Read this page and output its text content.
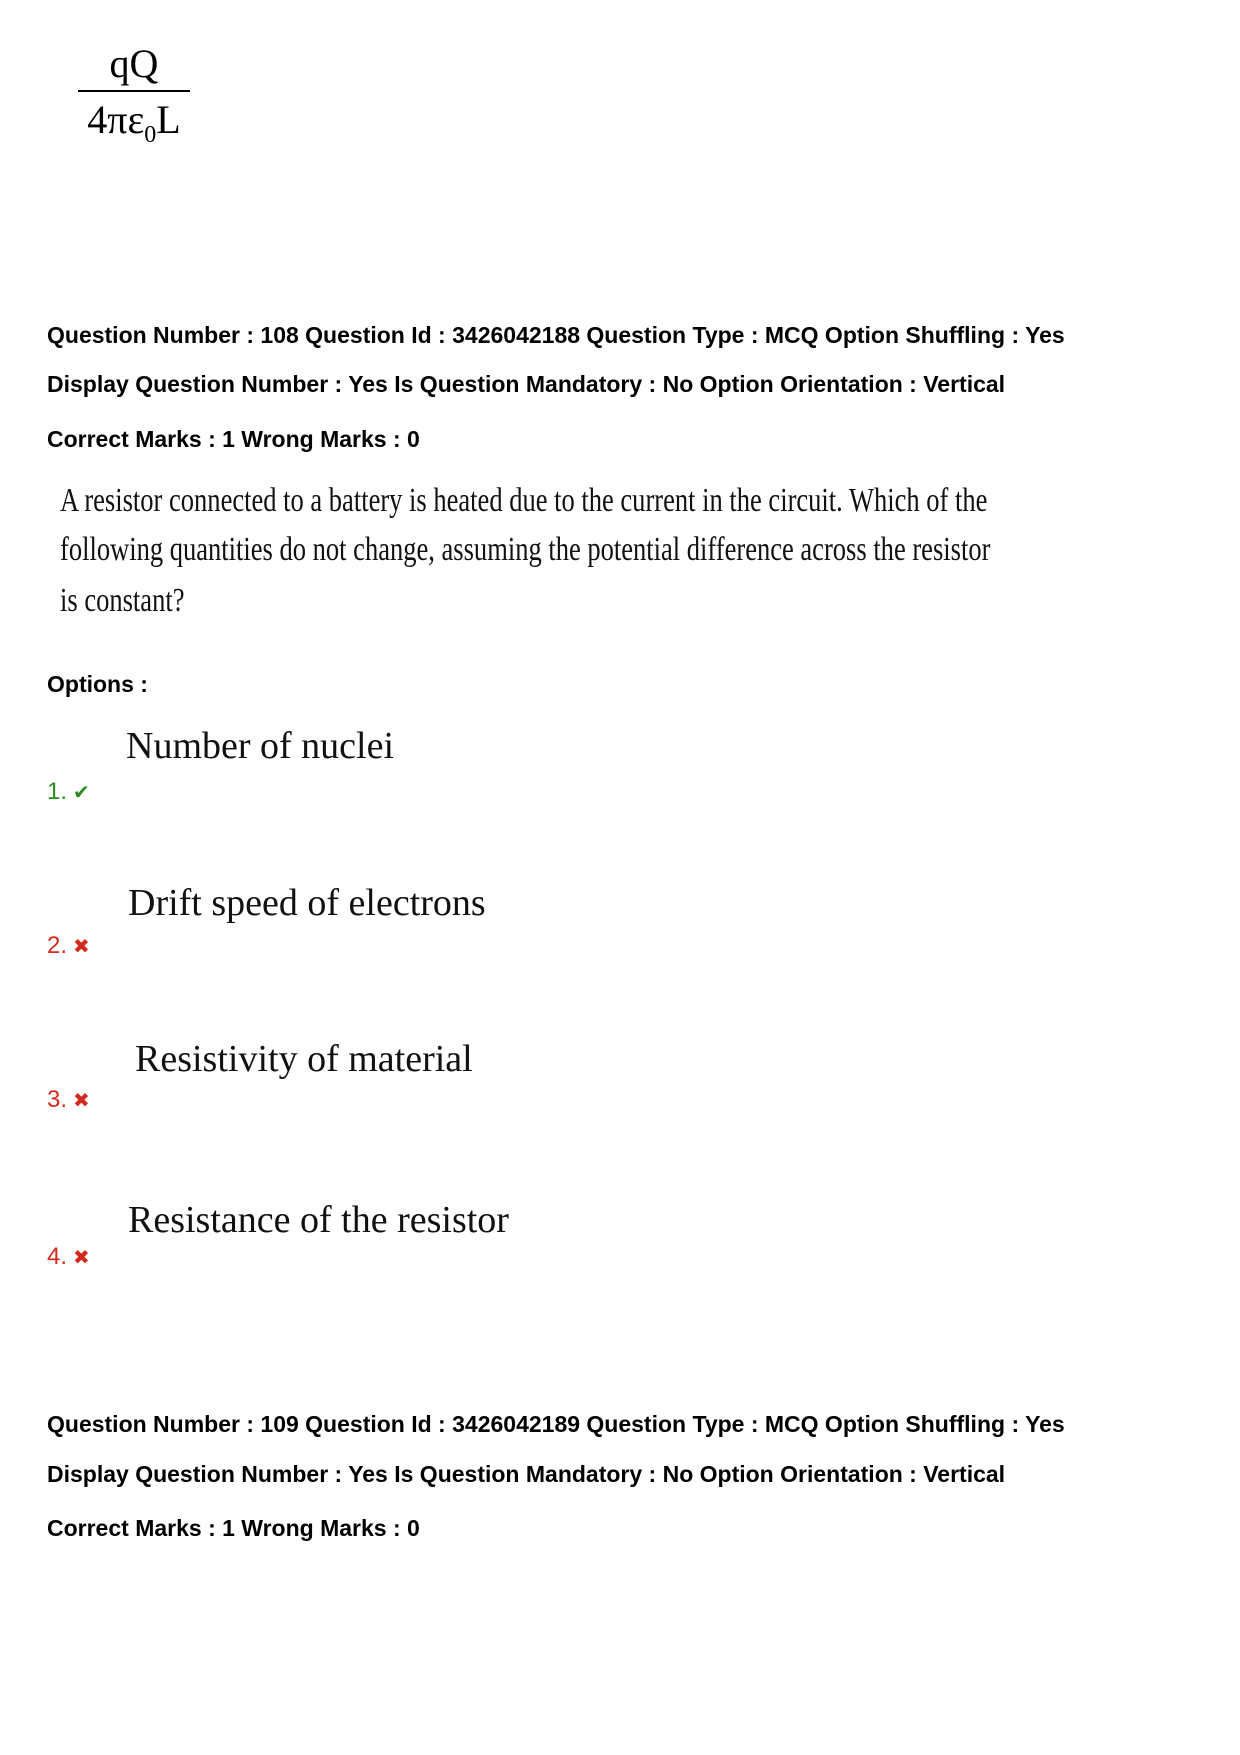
qQ
$4\pi\varepsilon_0L$
Question Number : 108 Question Id : 3426042188 Question Type : MCQ Option Shuffling : Yes
Display Question Number : Yes Is Question Mandatory : No Option Orientation : Vertical
Correct Marks : 1 Wrong Marks : 0
A resistor connected to a battery is heated due to the current in the circuit. Which of the
following quantities do not change, assuming the potential difference across the resistor
is constant?
Options :
Number of nuclei
1. ✔
Drift speed of electrons
2. ✖
Resistivity of material
3. ✖
Resistance of the resistor
4. ✖
Question Number : 109 Question Id : 3426042189 Question Type : MCQ Option Shuffling : Yes
Display Question Number : Yes Is Question Mandatory : No Option Orientation : Vertical
Correct Marks : 1 Wrong Marks : 0
